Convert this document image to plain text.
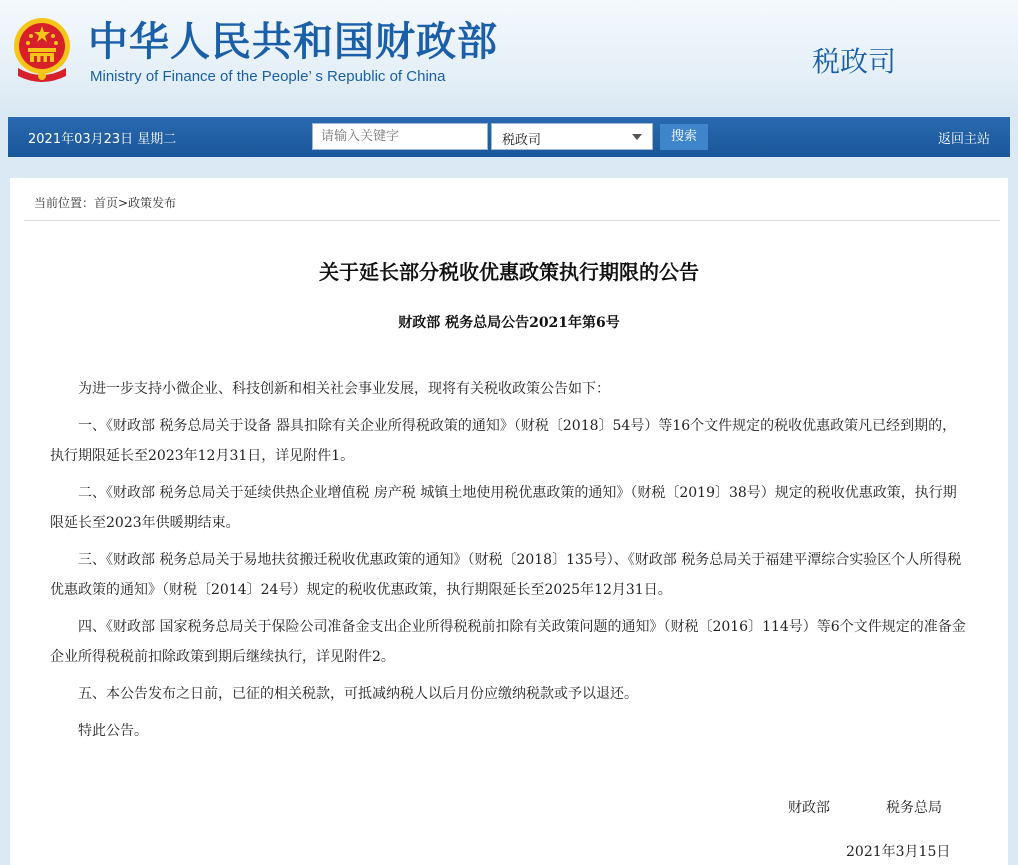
中华人民共和国财政部
Ministry of Finance of the People’ s Republic of China	税政司
2021年03月23日 星期二
请输入关键字	税政司	搜索	返回主站
当前位置：首页>政策发布
关于延长部分税收优惠政策执行期限的公告
财政部 税务总局公告2021年第6号

为进一步支持小微企业、科技创新和相关社会事业发展，现将有关税收政策公告如下：

一、《财政部 税务总局关于设备 器具扣除有关企业所得税政策的通知》（财税〔2018〕54号）等16个文件规定的税收优惠政策凡已经到期的，执行期限延长至2023年12月31日，详见附件1。

二、《财政部 税务总局关于延续供热企业增值税 房产税 城镇土地使用税优惠政策的通知》（财税〔2019〕38号）规定的税收优惠政策，执行期限延长至2023年供暖期结束。

三、《财政部 税务总局关于易地扶贫搬迁税收优惠政策的通知》（财税〔2018〕135号）、《财政部 税务总局关于福建平潭综合实验区个人所得税优惠政策的通知》（财税〔2014〕24号）规定的税收优惠政策，执行期限延长至2025年12月31日。

四、《财政部 国家税务总局关于保险公司准备金支出企业所得税税前扣除有关政策问题的通知》（财税〔2016〕114号）等6个文件规定的准备金企业所得税税前扣除政策到期后继续执行，详见附件2。

五、本公告发布之日前，已征的相关税款，可抵减纳税人以后月份应缴纳税款或予以退还。

特此公告。

财政部	税务总局
2021年3月15日
